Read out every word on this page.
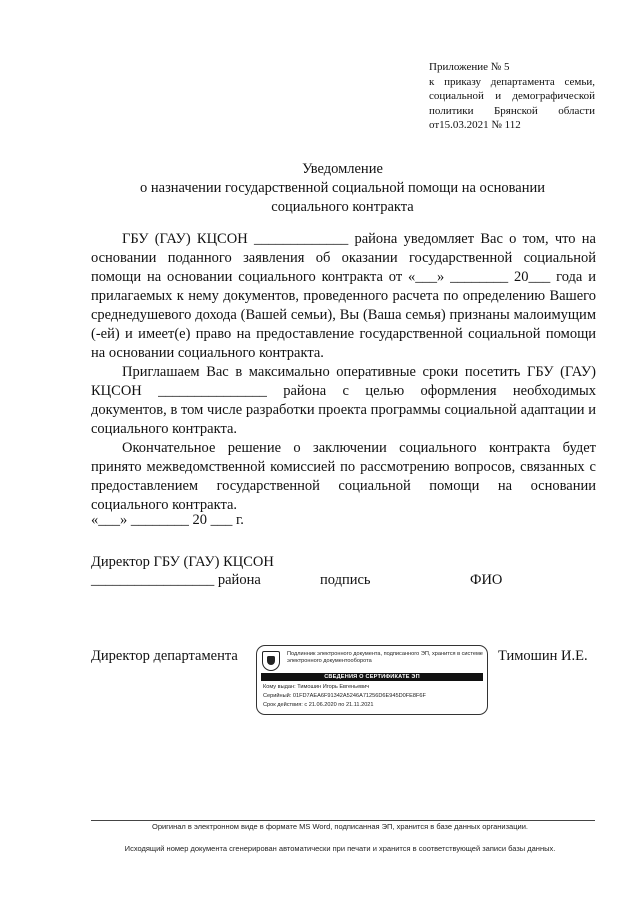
Приложение № 5
к приказу департамента семьи,
социальной и демографической
политики Брянской области
от15.03.2021 № 112
Уведомление
о назначении государственной социальной помощи на основании
социального контракта

ГБУ (ГАУ) КЦСОН _____________ района уведомляет Вас о том, что на основании поданного заявления об оказании государственной социальной помощи на основании социального контракта от «___» ________ 20___ года и прилагаемых к нему документов, проведенного расчета по определению Вашего среднедушевого дохода (Вашей семьи), Вы (Ваша семья) признаны малоимущим (-ей) и имеет(е) право на предоставление государственной социальной помощи на основании социального контракта.

Приглашаем Вас в максимально оперативные сроки посетить ГБУ (ГАУ) КЦСОН _______________ района с целью оформления необходимых документов, в том числе разработки проекта программы социальной адаптации и социального контракта.

Окончательное решение о заключении социального контракта будет принято межведомственной комиссией по рассмотрению вопросов, связанных с предоставлением государственной социальной помощи на основании социального контракта.

«___» ________ 20 ___ г.
Директор ГБУ (ГАУ) КЦСОН
_________________ района	подпись	ФИО
Директор департамента	Тимошин И.Е.
Подлинник электронного документа, подписанного ЭП, хранится в системе электронного документооборота
СВЕДЕНИЯ О СЕРТИФИКАТЕ ЭП
Кому выдан: Тимошин Игорь Евгеньевич
Серийный: 01FD7AEA6F91342A5246A71256D6E945D0FE8F6F
Срок действия: с 21.06.2020 по 21.11.2021
Оригинал в электронном виде в формате MS Word, подписанная ЭП, хранится в базе данных организации.
Исходящий номер документа сгенерирован автоматически при печати и хранится в соответствующей записи базы данных.
